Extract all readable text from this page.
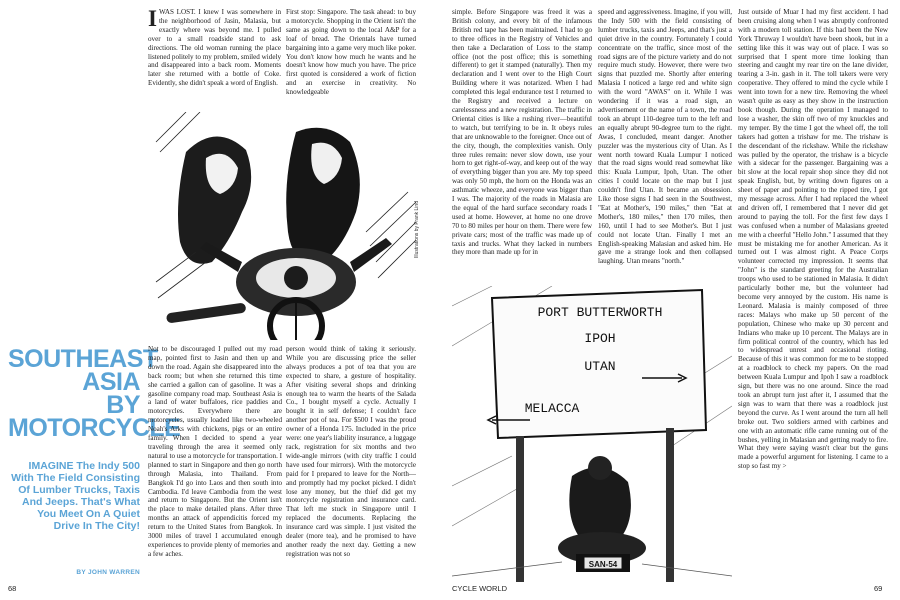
I WAS LOST. I knew I was somewhere in the neighborhood of Jasin, Malasia, but exactly where was beyond me. I pulled over to a small roadside stand to ask directions. The old woman running the place listened politely to my problem, smiled widely and disappeared into a back room. Moments later she returned with a bottle of Coke. Evidently, she didn't speak a word of English.
First stop: Singapore. The task ahead: to buy a motorcycle. Shopping in the Orient isn't the same as going down to the local A&P for a loaf of bread. The Orientals have turned bargaining into a game very much like poker. You don't know how much he wants and he doesn't know how much you have. The price first quoted is considered a work of fiction and an exercise in creativity. No knowledgeable
Illustrations by Frank Lind
SOUTHEAST
ASIA
BY
MOTORCYCLE
IMAGINE The Indy 500 With The Field Consisting Of Lumber Trucks, Taxis And Jeeps. That's What You Meet On A Quiet Drive In The City!
BY JOHN WARREN
Not to be discouraged I pulled out my road map, pointed first to Jasin and then up and down the road. Again she disappeared into the back room; but when she returned this time she carried a gallon can of gasoline. It was a gasoline company road map. Southeast Asia is a land of water buffaloes, rice paddies and motorcycles. Everywhere there are motorcycles, usually loaded like two-wheeled Noah's Arks with chickens, pigs or an entire family. When I decided to spend a year traveling through the area it seemed only natural to use a motorcycle for transportation. I planned to start in Singapore and then go north through Malasia, into Thailand. From Bangkok I'd go into Laos and then south into Cambodia. I'd leave Cambodia from the west and return to Singapore. But the Orient isn't the place to make detailed plans. After three months an attack of appendicitis forced my return to the United States from Bangkok. In 3000 miles of travel I accumulated enough experiences to provide plenty of memories and a few aches.
person would think of taking it seriously. While you are discussing price the seller always produces a pot of tea that you are expected to share, a gesture of hospitality. After visiting several shops and drinking enough tea to warm the hearts of the Salada Co., I bought myself a cycle. Actually I bought it in self defense; I couldn't face another pot of tea. For $500 I was the proud owner of a Honda 175. Included in the price were: one year's liability insurance, a luggage rack, registration for six months and two wide-angle mirrors (with city traffic I could have used four mirrors). With the motorcycle paid for I prepared to leave for the North—and promptly had my pocket picked. I didn't lose any money, but the thief did get my motorcycle registration and insurance card. That left me stuck in Singapore until I replaced the documents. Replacing the insurance card was simple. I just visited the dealer (more tea), and he promised to have another ready the next day. Getting a new registration was not so
simple. Before Singapore was freed it was a British colony, and every bit of the infamous British red tape has been maintained. I had to go to three offices in the Registry of Vehicles and then take a Declaration of Loss to the stamp office (not the post office; this is something different) to get it stamped (naturally). Then my declaration and I went over to the High Court Building where it was notarized. When I had completed this legal endurance test I returned to the Registry and received a lecture on carelessness and a new registration. The traffic in Oriental cities is like a rushing river—beautiful to watch, but terrifying to be in. It obeys rules that are unknowable to the foreigner. Once out of the city, though, the complexities vanish. Only three rules remain: never slow down, use your horn to get right-of-way, and keep out of the way of everything bigger than you are. My top speed was only 50 mph, the horn on the Honda was an asthmatic wheeze, and everyone was bigger than I was. The majority of the roads in Malasia are the equal of the hard surface secondary roads I used at home. However, at home no one drove 70 to 80 miles per hour on them. There were few private cars; most of the traffic was made up of taxis and trucks. What they lacked in numbers they more than made up for in
speed and aggressiveness. Imagine, if you will, the Indy 500 with the field consisting of lumber trucks, taxis and Jeeps, and that's just a quiet drive in the country. Fortunately I could concentrate on the traffic, since most of the road signs are of the picture variety and do not require much study. However, there were two signs that puzzled me. Shortly after entering Malasia I noticed a large red and white sign with the word "AWAS" on it. While I was wondering if it was a road sign, an advertisement or the name of a town, the road took an abrupt 110-degree turn to the left and an equally abrupt 90-degree turn to the right. Awas, I concluded, meant danger. Another puzzler was the mysterious city of Utan. As I went north toward Kuala Lumpur I noticed that the road signs would read somewhat like this: Kuala Lumpur, Ipoh, Utan. The other cities I could locate on the map but I just couldn't find Utan. It became an obsession. Like those signs I had seen in the Southwest, "Eat at Mother's, 190 miles," then "Eat at Mother's, 180 miles," then 170 miles, then 160, until I had to see Mother's. But I just could not locate Utan. Finally I met an English-speaking Malasian and asked him. He gave me a strange look and then collapsed laughing. Utan means "north."
Just outside of Muar I had my first accident. I had been cruising along when I was abruptly confronted with a modern toll station. If this had been the New York Thruway I wouldn't have been shook, but in a setting like this it was way out of place. I was so surprised that I spent more time looking than steering and caught my rear tire on the lane divider, tearing a 3-in. gash in it. The toll takers were very cooperative. They offered to mind the cycle while I went into town for a new tire. Removing the wheel wasn't quite as easy as they show in the instruction book though. During the operation I managed to lose a washer, the skin off two of my knuckles and my temper. By the time I got the wheel off, the toll takers had gotten a trishaw for me. The trishaw is the descendant of the rickshaw. While the rickshaw was pulled by the operator, the trishaw is a bicycle with a sidecar for the passenger. Bargaining was a bit slow at the local repair shop since they did not speak English, but, by writing down figures on a sheet of paper and pointing to the ripped tire, I got my message across. After I had replaced the wheel and driven off, I remembered that I never did get around to paying the toll. For the first few days I was confused when a number of Malasians greeted me with a cheerful "Hello John." I assumed that they must be mistaking me for another American. As it turned out I was almost right. A Peace Corps volunteer corrected my impression. It seems that "John" is the standard greeting for the Australian troops who used to be stationed in Malasia. It didn't particularly bother me, but the volunteer had become very annoyed by the custom. His name is Leonard. Malasia is mainly composed of three races: Malays who make up 50 percent of the population, Chinese who make up 30 percent and Indians who make up 10 percent. The Malays are in firm political control of the country, which has led to widespread unrest and occasional rioting. Because of this it was common for me to be stopped at a roadblock to check my papers. On the road between Kuala Lumpur and Ipoh I saw a roadblock sign, but there was no one around. Since the road took an abrupt turn just after it, I assumed that the sign was to warn that there was a roadblock just beyond the curve. As I went around the turn all hell broke out. Two soldiers armed with carbines and one with an automatic rifle came running out of the bushes, yelling in Malasian and getting ready to fire. What they were saying wasn't clear but the guns made a powerful argument for listening. I came to a stop so fast my >
PORT BUTTERWORTH
IPOH
UTAN
MELACCA
SAN-54
68	CYCLE WORLD	69
